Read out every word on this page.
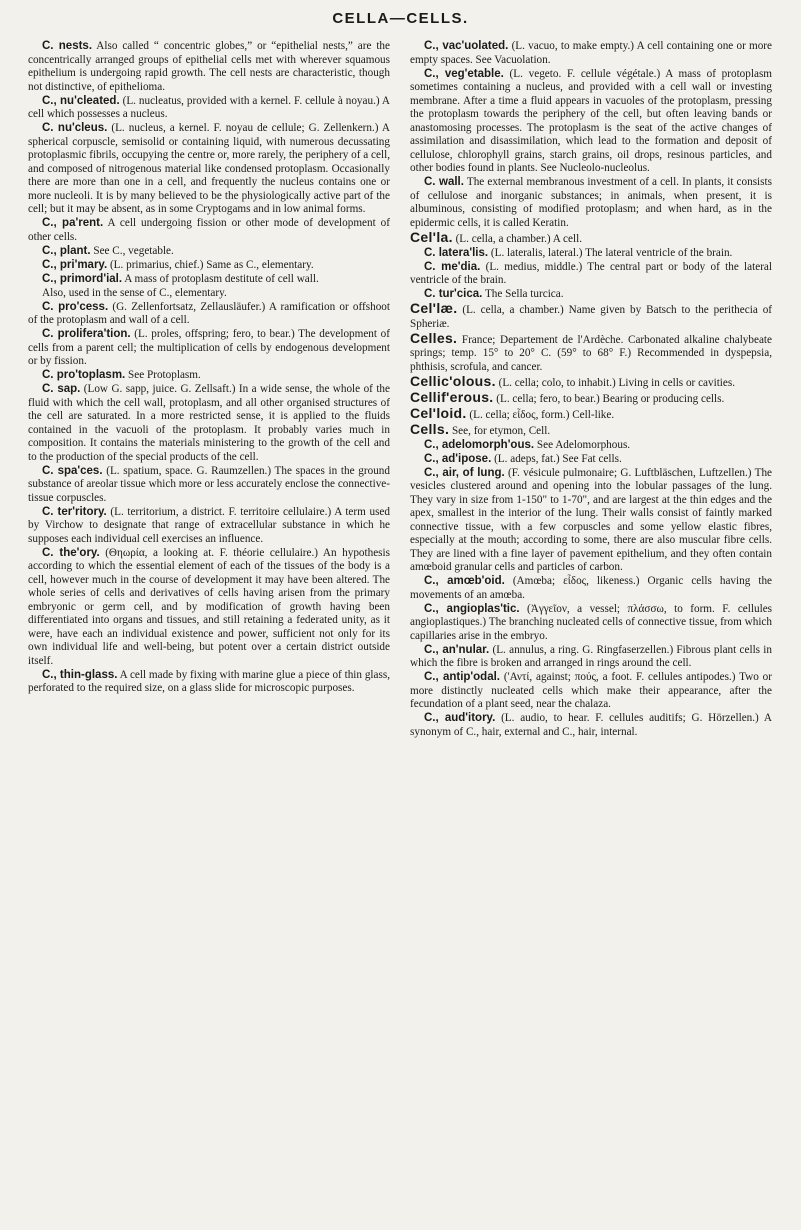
CELLA—CELLS.

C. nests. Also called “ concentric globes,” or “epithelial nests,” are the concentrically arranged groups of epithelial cells met with wherever squamous epithelium is undergoing rapid growth. The cell nests are characteristic, though not distinctive, of epithelioma.

C., nu'cleated. (L. nucleatus, provided with a kernel. F. cellule à noyau.) A cell which possesses a nucleus.

C. nu'cleus. (L. nucleus, a kernel. F. noyau de cellule; G. Zellenkern.) A spherical corpuscle, semisolid or containing liquid, with numerous decussating protoplasmic fibrils, occupying the centre or, more rarely, the periphery of a cell, and composed of nitrogenous material like condensed protoplasm. Occasionally there are more than one in a cell, and frequently the nucleus contains one or more nucleoli. It is by many believed to be the physiologically active part of the cell; but it may be absent, as in some Cryptogams and in low animal forms.

C., pa'rent. A cell undergoing fission or other mode of development of other cells.

C., plant. See C., vegetable.

C., pri'mary. (L. primarius, chief.) Same as C., elementary.

C., primord'ial. A mass of protoplasm destitute of cell wall.

Also, used in the sense of C., elementary.

C. pro'cess. (G. Zellenfortsatz, Zellausläufer.) A ramification or offshoot of the protoplasm and wall of a cell.

C. prolifera'tion. (L. proles, offspring; fero, to bear.) The development of cells from a parent cell; the multiplication of cells by endogenous development or by fission.

C. pro'toplasm. See Protoplasm.

C. sap. (Low G. sapp, juice. G. Zellsaft.) In a wide sense, the whole of the fluid with which the cell wall, protoplasm, and all other organised structures of the cell are saturated. In a more restricted sense, it is applied to the fluids contained in the vacuoli of the protoplasm. It probably varies much in composition. It contains the materials ministering to the growth of the cell and to the production of the special products of the cell.

C. spa'ces. (L. spatium, space. G. Raumzellen.) The spaces in the ground substance of areolar tissue which more or less accurately enclose the connective-tissue corpuscles.

C. ter'ritory. (L. territorium, a district. F. territoire cellulaire.) A term used by Virchow to designate that range of extracellular substance in which he supposes each individual cell exercises an influence.

C. the'ory. (Θηωρία, a looking at. F. théorie cellulaire.) An hypothesis according to which the essential element of each of the tissues of the body is a cell, however much in the course of development it may have been altered. The whole series of cells and derivatives of cells having arisen from the primary embryonic or germ cell, and by modification of growth having been differentiated into organs and tissues, and still retaining a federated unity, as it were, have each an individual existence and power, sufficient not only for its own individual life and well-being, but potent over a certain district outside itself.

C., thin-glass. A cell made by fixing with marine glue a piece of thin glass, perforated to the required size, on a glass slide for microscopic purposes.

C., vac'uolated. (L. vacuo, to make empty.) A cell containing one or more empty spaces. See Vacuolation.

C., veg'etable. (L. vegeto. F. cellule végétale.) A mass of protoplasm sometimes containing a nucleus, and provided with a cell wall or investing membrane. After a time a fluid appears in vacuoles of the protoplasm, pressing the protoplasm towards the periphery of the cell, but often leaving bands or anastomosing processes. The protoplasm is the seat of the active changes of assimilation and disassimilation, which lead to the formation and deposit of cellulose, chlorophyll grains, starch grains, oil drops, resinous particles, and other bodies found in plants. See Nucleolo-nucleolus.

C. wall. The external membranous investment of a cell. In plants, it consists of cellulose and inorganic substances; in animals, when present, it is albuminous, consisting of modified protoplasm; and when hard, as in the epidermic cells, it is called Keratin.

Cel'la. (L. cella, a chamber.) A cell.

C. latera'lis. (L. lateralis, lateral.) The lateral ventricle of the brain.

C. me'dia. (L. medius, middle.) The central part or body of the lateral ventricle of the brain.

C. tur'cica. The Sella turcica.

Cel'læ. (L. cella, a chamber.) Name given by Batsch to the perithecia of Spheriæ.

Celles. France; Departement de l'Ardèche. Carbonated alkaline chalybeate springs; temp. 15° to 20° C. (59° to 68° F.) Recommended in dyspepsia, phthisis, scrofula, and cancer.

Cellic'olous. (L. cella; colo, to inhabit.) Living in cells or cavities.

Cellif'erous. (L. cella; fero, to bear.) Bearing or producing cells.

Cel'loid. (L. cella; εἶδος, form.) Cell-like.

Cells. See, for etymon, Cell.

C., adelomorph'ous. See Adelomorphous.

C., ad'ipose. (L. adeps, fat.) See Fat cells.

C., air, of lung. (F. vésicule pulmonaire; G. Luftbläschen, Luftzellen.) The vesicles clustered around and opening into the lobular passages of the lung. They vary in size from 1-150" to 1-70", and are largest at the thin edges and the apex, smallest in the interior of the lung. Their walls consist of faintly marked connective tissue, with a few corpuscles and some yellow elastic fibres, especially at the mouth; according to some, there are also muscular fibre cells. They are lined with a fine layer of pavement epithelium, and they often contain amœboid granular cells and particles of carbon.

C., amœb'oid. (Amœba; εἶδος, likeness.) Organic cells having the movements of an amœba.

C., angioplas'tic. (Ἀγγεῖον, a vessel; πλάσσω, to form. F. cellules angioplastiques.) The branching nucleated cells of connective tissue, from which capillaries arise in the embryo.

C., an'nular. (L. annulus, a ring. G. Ringfaserzellen.) Fibrous plant cells in which the fibre is broken and arranged in rings around the cell.

C., antip'odal. ('Αντί, against; πούς, a foot. F. cellules antipodes.) Two or more distinctly nucleated cells which make their appearance, after the fecundation of a plant seed, near the chalaza.

C., aud'itory. (L. audio, to hear. F. cellules auditifs; G. Hörzellen.) A synonym of C., hair, external and C., hair, internal.
